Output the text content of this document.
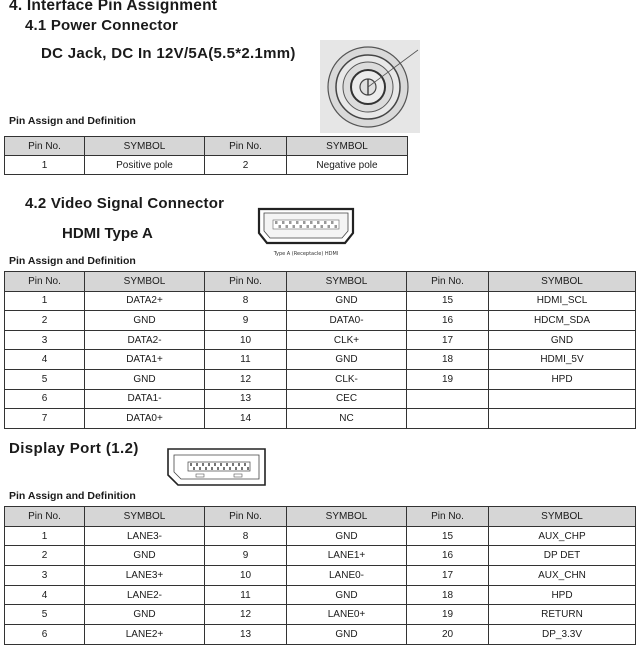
4. Interface Pin Assignment
4.1 Power Connector
DC Jack, DC In 12V/5A(5.5*2.1mm)
Pin Assign and Definition
Pin No.	SYMBOL	Pin No.	SYMBOL
1	Positive pole	2	Negative pole
4.2 Video Signal Connector
HDMI Type A
Type A (Receptacle) HDMI
Pin Assign and Definition
Pin No.	SYMBOL	Pin No.	SYMBOL	Pin No.	SYMBOL
1	DATA2+	8	GND	15	HDMI_SCL
2	GND	9	DATA0-	16	HDCM_SDA
3	DATA2-	10	CLK+	17	GND
4	DATA1+	11	GND	18	HDMI_5V
5	GND	12	CLK-	19	HPD
6	DATA1-	13	CEC		
7	DATA0+	14	NC		
Display Port (1.2)
Pin Assign and Definition
Pin No.	SYMBOL	Pin No.	SYMBOL	Pin No.	SYMBOL
1	LANE3-	8	GND	15	AUX_CHP
2	GND	9	LANE1+	16	DP DET
3	LANE3+	10	LANE0-	17	AUX_CHN
4	LANE2-	11	GND	18	HPD
5	GND	12	LANE0+	19	RETURN
6	LANE2+	13	GND	20	DP_3.3V
